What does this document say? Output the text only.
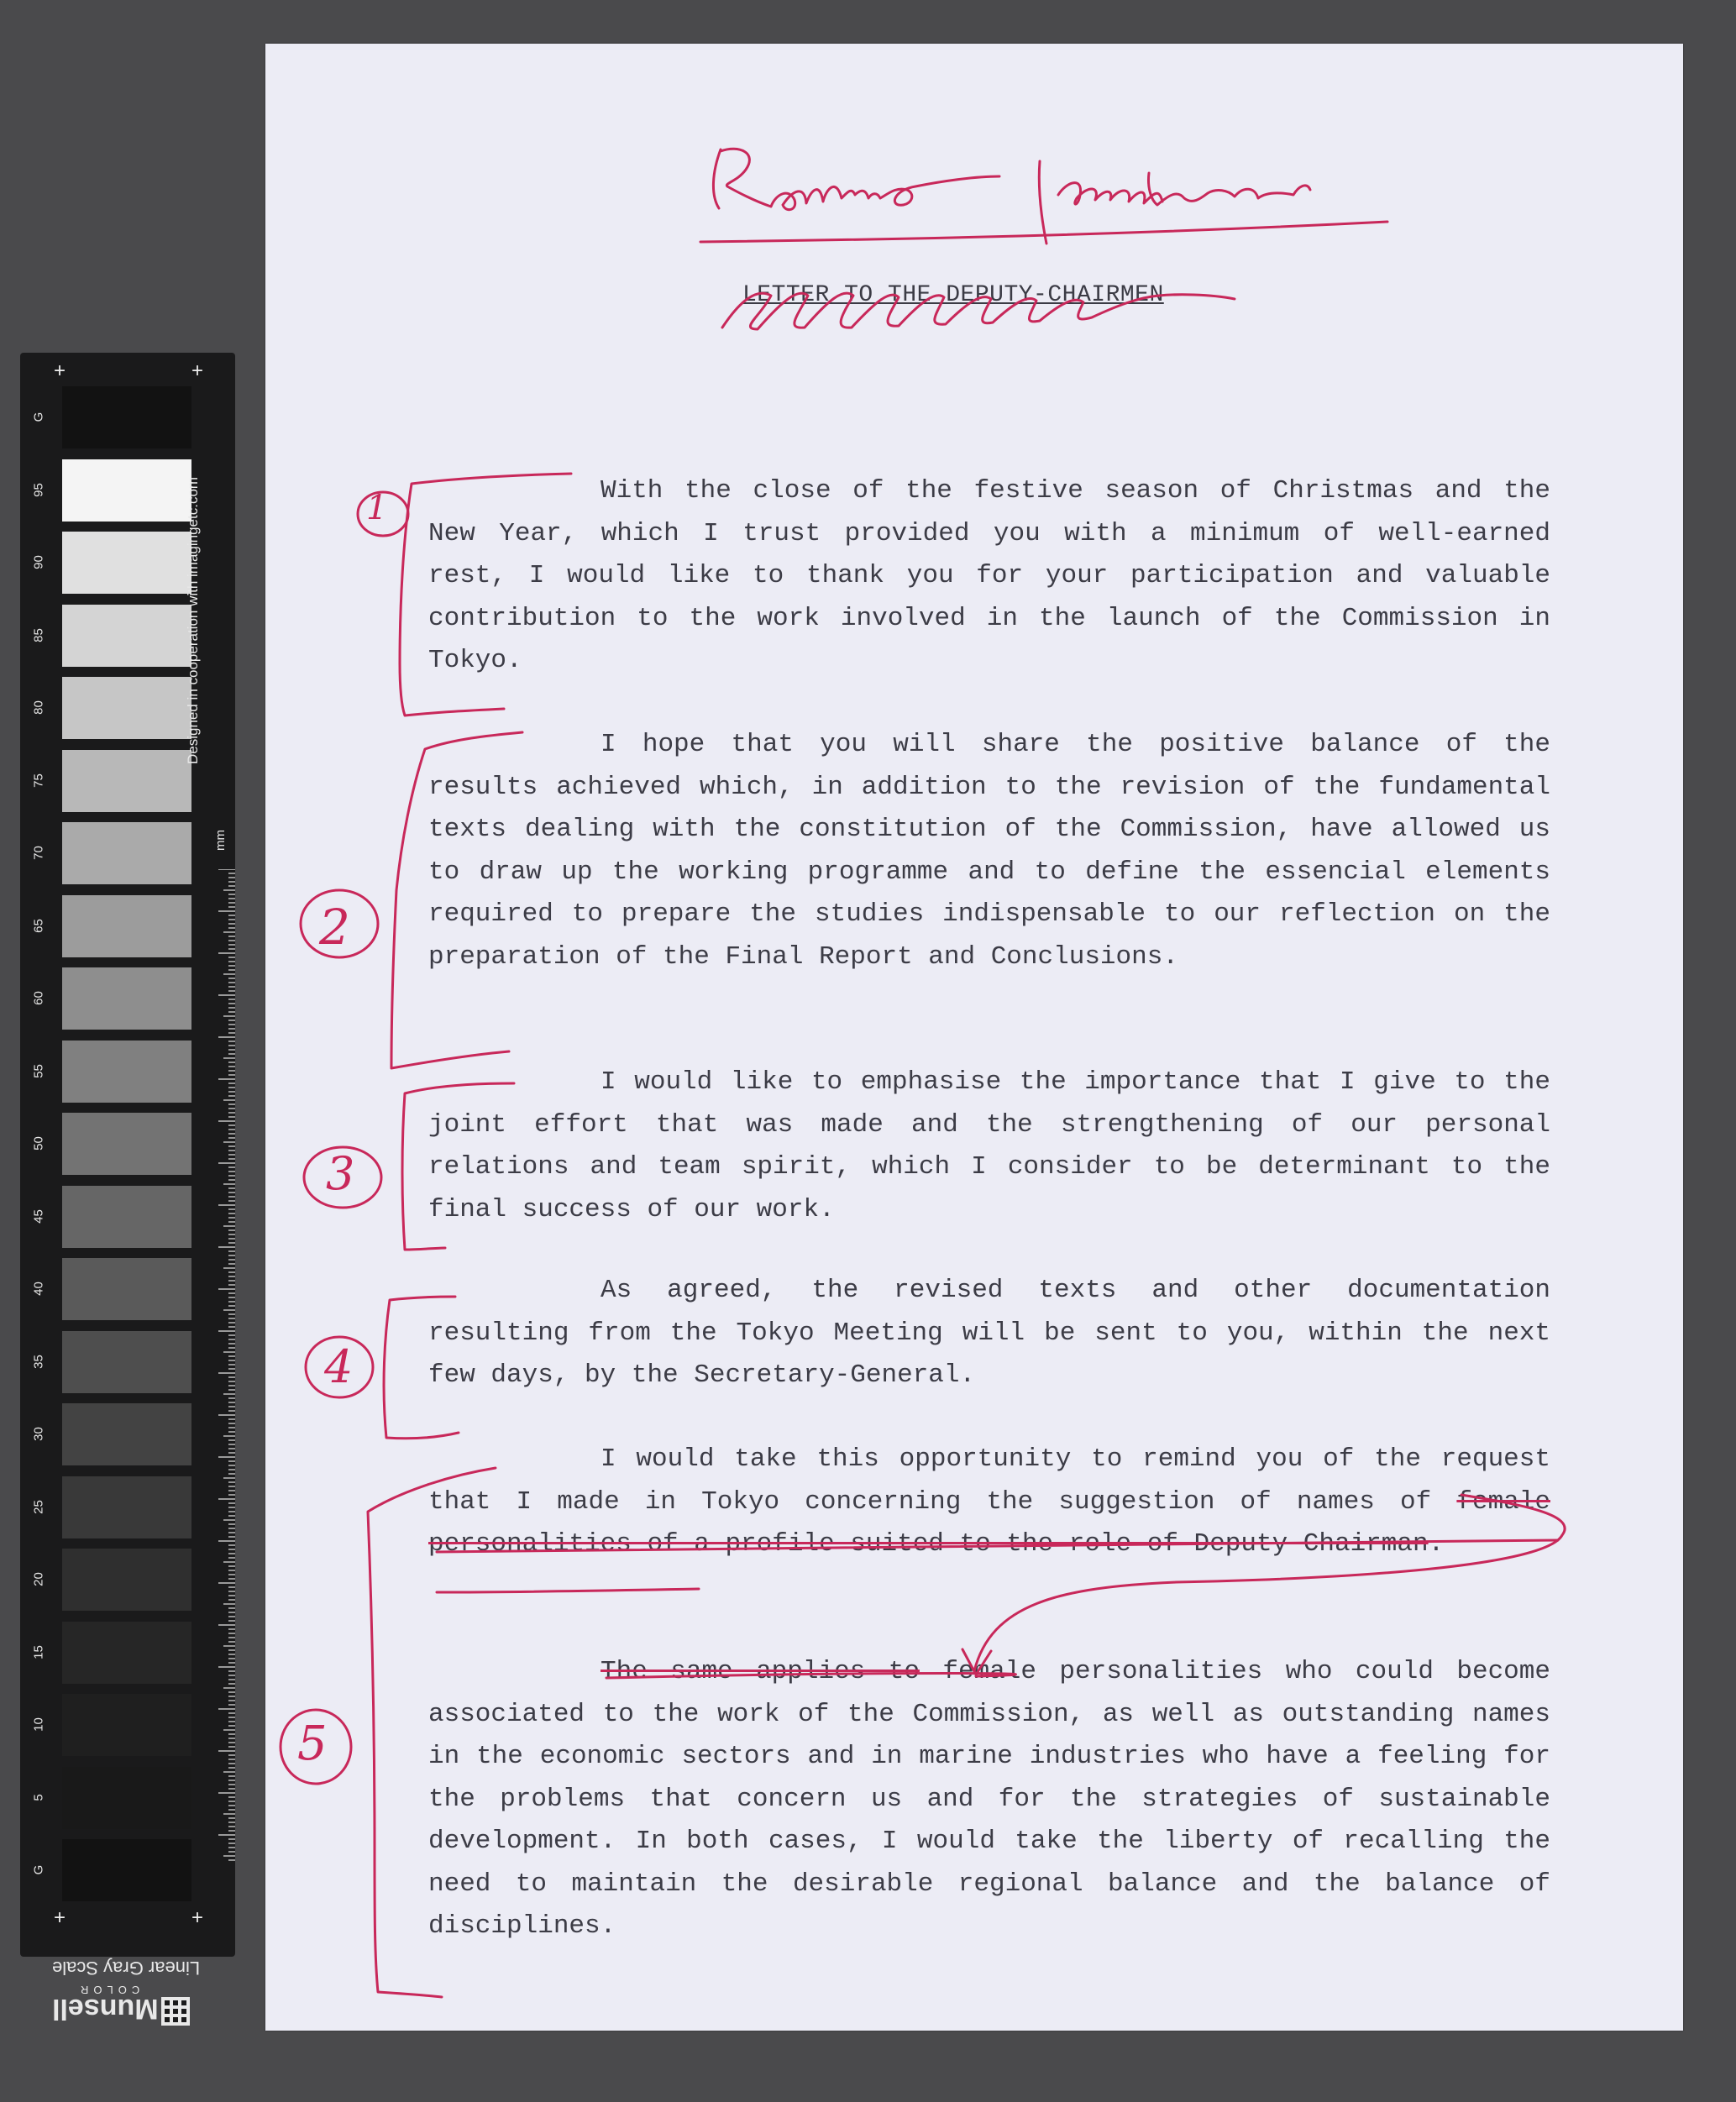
G
95
90
85
80
75
70
65
60
55
50
45
40
35
30
25
20
15
10
5
G
+	+
+	+
Designed in cooperation with imagingetc.com
mm
Linear Gray Scale
COLOR
Munsell
LETTER TO THE DEPUTY-CHAIRMEN
With the close of the festive season of Christmas and the New Year, which I trust provided you with a minimum of well-earned rest, I would like to thank you for your participation and valuable contribution to the work involved in the launch of the Commission in Tokyo.
I hope that you will share the positive balance of the results achieved which, in addition to the revision of the fundamental texts dealing with the constitution of the Commission, have allowed us to draw up the working programme and to define the essencial elements required to prepare the studies indispensable to our reflection on the preparation of the Final Report and Conclusions.
I would like to emphasise the importance that I give to the joint effort that was made and the strengthening of our personal relations and team spirit, which I consider to be determinant to the final success of our work.
As agreed, the revised texts and other documentation resulting from the Tokyo Meeting will be sent to you, within the next few days, by the Secretary-General.
I would take this opportunity to remind you of the request that I made in Tokyo concerning the suggestion of names of female personalities of a profile suited to the role of Deputy-Chairman.
The same applies to female personalities who could become associated to the work of the Commission, as well as outstanding names in the economic sectors and in marine industries who have a feeling for the problems that concern us and for the strategies of sustainable development. In both cases, I would take the liberty of recalling the need to maintain the desirable regional balance and the balance of disciplines.
1
2
3
4
5
